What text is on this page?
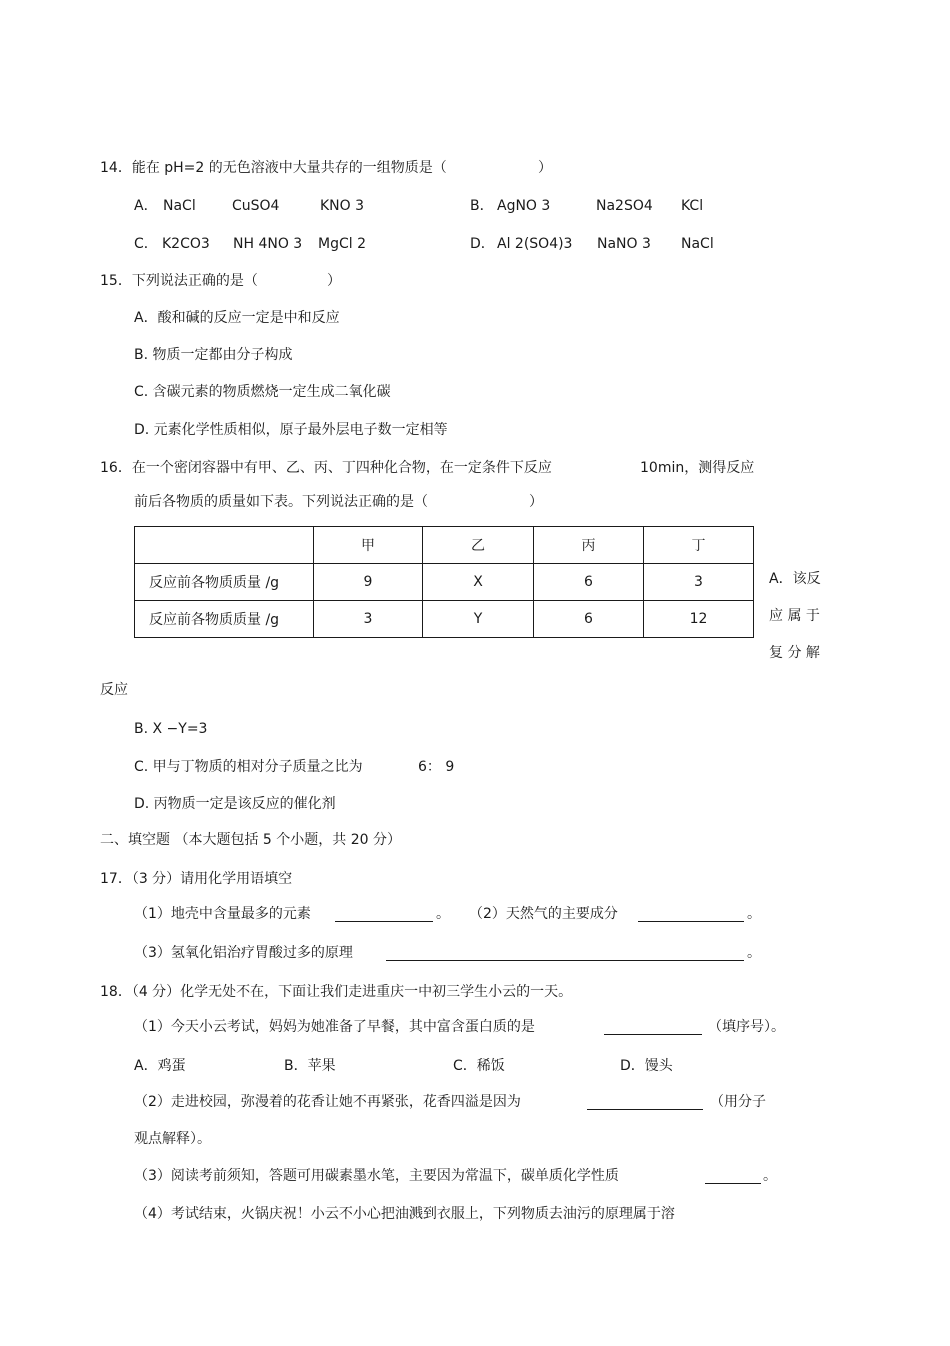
14．能在 pH=2 的无色溶液中大量共存的一组物质是（	）
A． NaCl	CuSO4	KNO 3	B． AgNO 3	Na2SO4 KCl
C． K2CO3 NH 4NO 3 MgCl 2	D． Al 2(SO4)3 NaNO 3 NaCl
15．下列说法正确的是（	）
A．酸和碱的反应一定是中和反应
B. 物质一定都由分子构成
C. 含碳元素的物质燃烧一定生成二氧化碳
D. 元素化学性质相似，原子最外层电子数一定相等
16．在一个密闭容器中有甲、乙、丙、丁四种化合物，在一定条件下反应	10min，测得反应
前后各物质的质量如下表。下列说法正确的是（	）
	甲	乙	丙	丁
反应前各物质质量 /g	9	X	6	3
反应前各物质质量 /g	3	Y	6	12
A．该反
应 属 于
复 分 解
反应
B. X −Y=3
C. 甲与丁物质的相对分子质量之比为	6： 9
D. 丙物质一定是该反应的催化剂
二、填空题 （本大题包括 5 个小题，共 20 分）
17．（3 分）请用化学用语填空
（1）地壳中含量最多的元素	。 （2）天然气的主要成分	。
（3）氢氧化铝治疗胃酸过多的原理	。
18．（4 分）化学无处不在，下面让我们走进重庆一中初三学生小云的一天。
（1）今天小云考试，妈妈为她准备了早餐，其中富含蛋白质的是	（填序号）。
A．鸡蛋	B．苹果	C．稀饭	D．馒头
（2）走进校园，弥漫着的花香让她不再紧张，花香四溢是因为	（用分子
观点解释）。
（3）阅读考前须知，答题可用碳素墨水笔，主要因为常温下，碳单质化学性质	。
（4）考试结束，火锅庆祝！小云不小心把油溅到衣服上，下列物质去油污的原理属于溶
